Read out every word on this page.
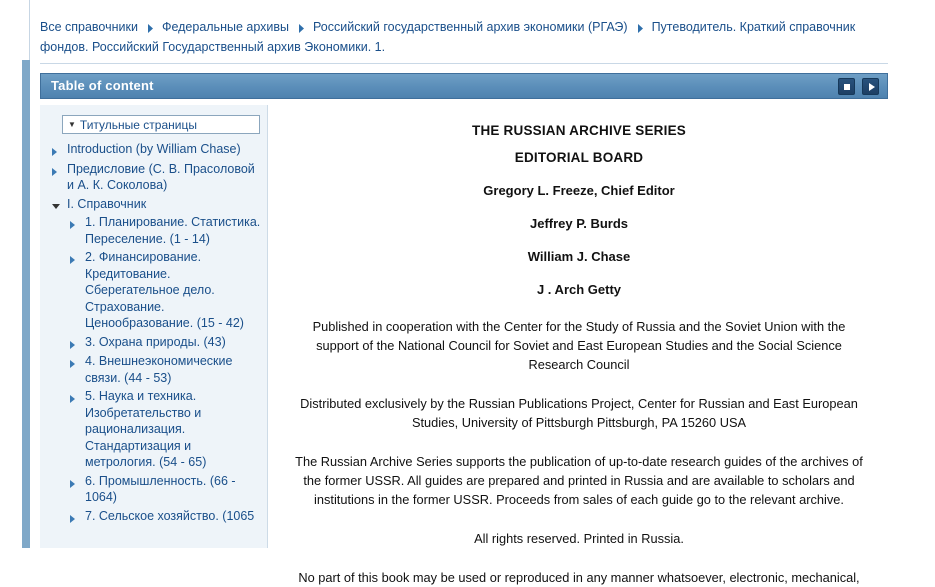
Все справочники Федеральные архивы Российский государственный архив экономики (РГАЭ) Путеводитель. Краткий справочник фондов. Российский Государственный архив Экономики. 1.
Table of content
▼ Титульные страницы
Introduction (by William Chase)
Предисловие (С. В. Прасоловой и А. К. Соколова)
I. Справочник
1. Планирование. Статистика. Переселение. (1 - 14)
2. Финансирование. Кредитование. Сберегательное дело. Страхование. Ценообразование. (15 - 42)
3. Охрана природы. (43)
4. Внешнеэкономические связи. (44 - 53)
5. Наука и техника. Изобретательство и рационализация. Стандартизация и метрология. (54 - 65)
6. Промышленность. (66 - 1064)
7. Сельское хозяйство. (1065
THE RUSSIAN ARCHIVE SERIES
EDITORIAL BOARD
Gregory L. Freeze, Chief Editor
Jeffrey P. Burds
William J. Chase
J . Arch Getty

Published in cooperation with the Center for the Study of Russia and the Soviet Union with the support of the National Council for Soviet and East European Studies and the Social Science Research Council

Distributed exclusively by the Russian Publications Project, Center for Russian and East European Studies, University of Pittsburgh Pittsburgh, PA 15260 USA

The Russian Archive Series supports the publication of up-to-date research guides of the archives of the former USSR. All guides are prepared and printed in Russia and are available to scholars and institutions in the former USSR. Proceeds from sales of each guide go to the relevant archive.

All rights reserved. Printed in Russia.

No part of this book may be used or reproduced in any manner whatsoever, electronic, mechanical,
